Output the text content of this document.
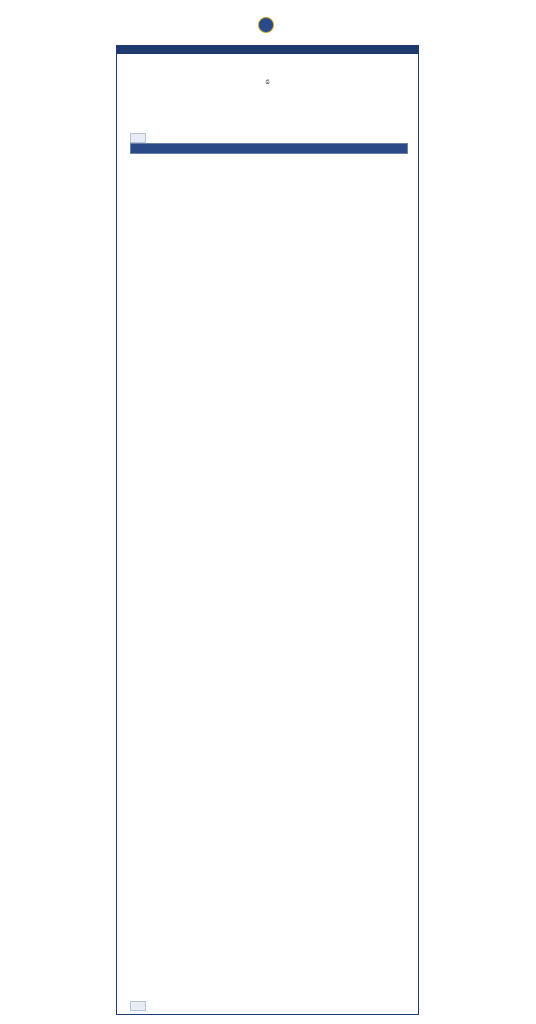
⎙
